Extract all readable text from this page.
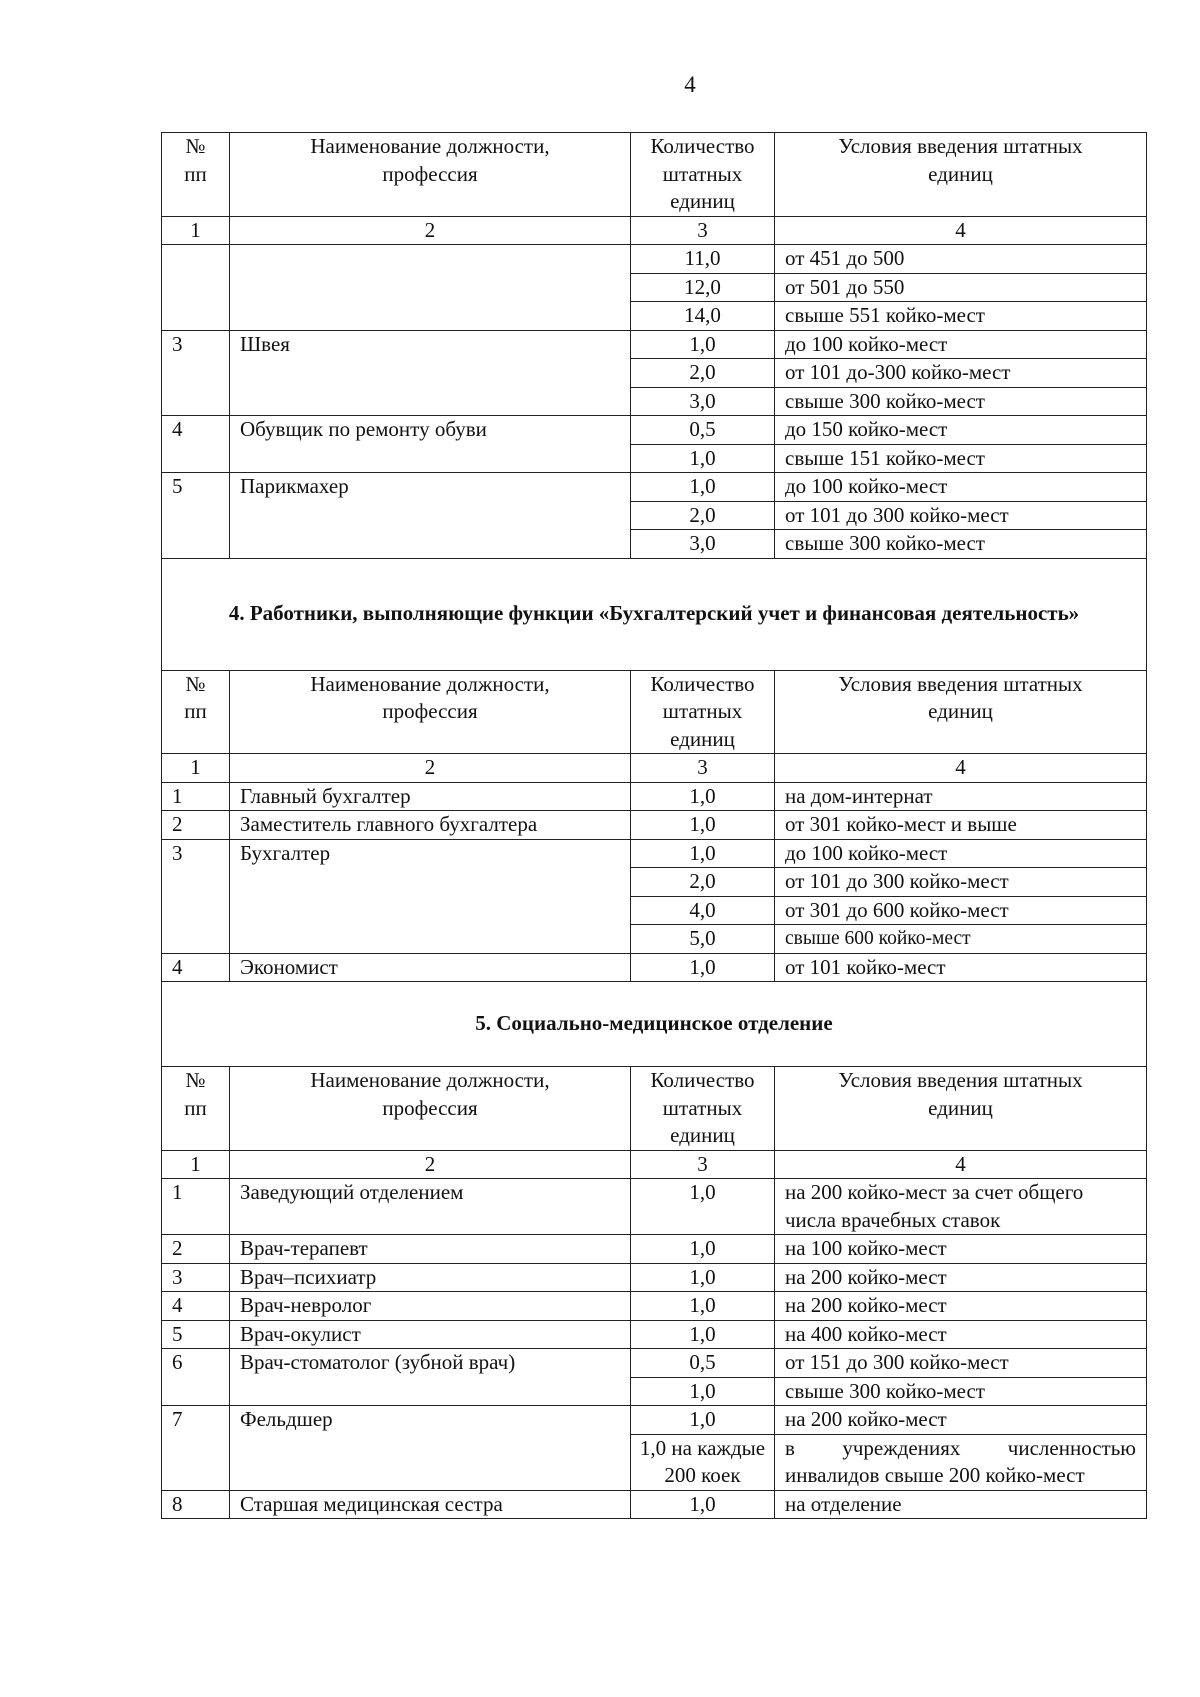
4
№
пп	Наименование должности, профессия	Количество штатных единиц	Условия введения штатных единиц
1	2	3	4
		11,0	от 451 до 500
		12,0	от 501 до 550
		14,0	свыше 551 койко-мест
3	Швея	1,0	до 100 койко-мест
		2,0	от 101 до-300 койко-мест
		3,0	свыше 300 койко-мест
4	Обувщик по ремонту обуви	0,5	до 150 койко-мест
		1,0	свыше 151 койко-мест
5	Парикмахер	1,0	до 100 койко-мест
		2,0	от 101 до 300 койко-мест
		3,0	свыше 300 койко-мест
4. Работники, выполняющие функции «Бухгалтерский учет и финансовая деятельность»			
№
пп	Наименование должности, профессия	Количество штатных единиц	Условия введения штатных единиц
1	2	3	4
1	Главный бухгалтер	1,0	на дом-интернат
2	Заместитель главного бухгалтера	1,0	от 301 койко-мест и выше
3	Бухгалтер	1,0	до 100 койко-мест
		2,0	от 101 до 300 койко-мест
		4,0	от 301 до 600 койко-мест
		5,0	свыше 600 койко-мест
4	Экономист	1,0	от 101 койко-мест
5. Социально-медицинское отделение			
№
пп	Наименование должности, профессия	Количество штатных единиц	Условия введения штатных единиц
1	2	3	4
1	Заведующий отделением	1,0	на 200 койко-мест за счет общего числа врачебных ставок
2	Врач-терапевт	1,0	на 100 койко-мест
3	Врач–психиатр	1,0	на 200 койко-мест
4	Врач-невролог	1,0	на 200 койко-мест
5	Врач-окулист	1,0	на 400 койко-мест
6	Врач-стоматолог (зубной врач)	0,5	от 151 до 300 койко-мест
		1,0	свыше 300 койко-мест
7	Фельдшер	1,0	на 200 койко-мест
		1,0 на каждые 200 коек	в учреждениях численностью инвалидов свыше 200 койко-мест
8	Старшая медицинская сестра	1,0	на отделение
